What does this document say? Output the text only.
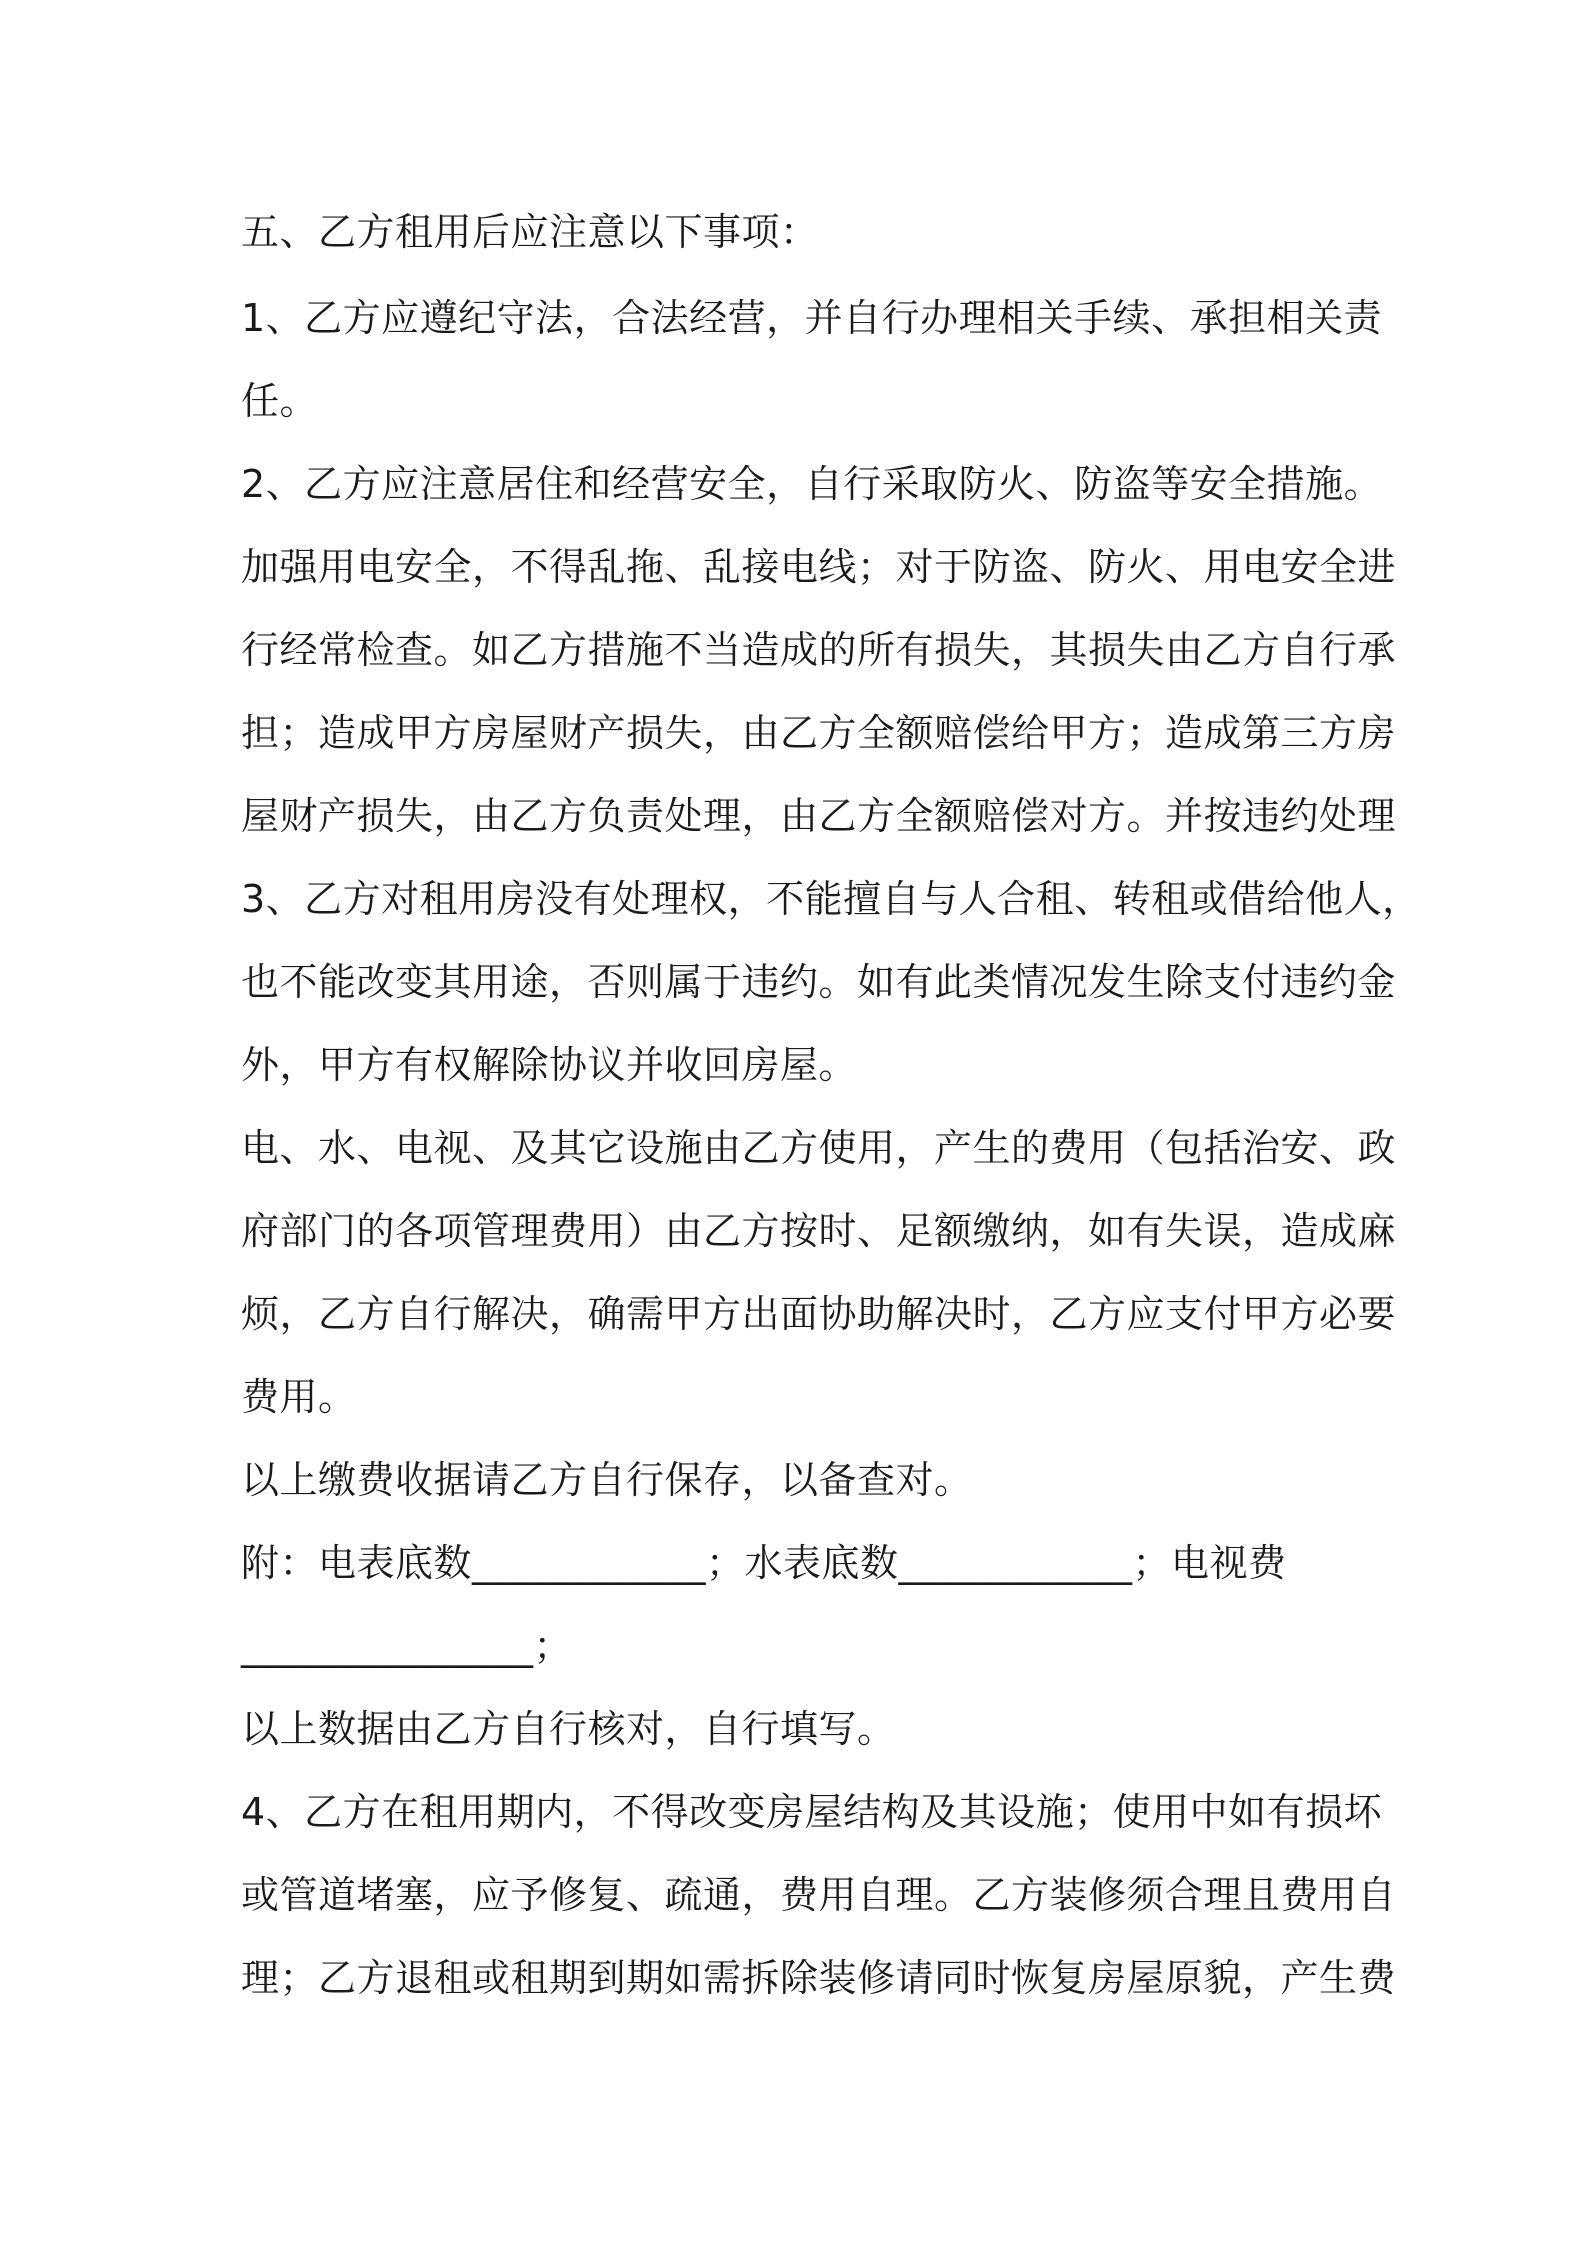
五、乙方租用后应注意以下事项：
1、乙方应遵纪守法，合法经营，并自行办理相关手续、承担相关责
任。
2、乙方应注意居住和经营安全，自行采取防火、防盗等安全措施。
加强用电安全，不得乱拖、乱接电线；对于防盗、防火、用电安全进
行经常检查。如乙方措施不当造成的所有损失，其损失由乙方自行承
担；造成甲方房屋财产损失，由乙方全额赔偿给甲方；造成第三方房
屋财产损失，由乙方负责处理，由乙方全额赔偿对方。并按违约处理
3、乙方对租用房没有处理权，不能擅自与人合租、转租或借给他人，
也不能改变其用途，否则属于违约。如有此类情况发生除支付违约金
外，甲方有权解除协议并收回房屋。
电、水、电视、及其它设施由乙方使用，产生的费用（包括治安、政
府部门的各项管理费用）由乙方按时、足额缴纳，如有失误，造成麻
烦，乙方自行解决，确需甲方出面协助解决时，乙方应支付甲方必要
费用。
以上缴费收据请乙方自行保存，以备查对。
附：电表底数____________；水表底数____________；电视费
_______________；
以上数据由乙方自行核对，自行填写。
4、乙方在租用期内，不得改变房屋结构及其设施；使用中如有损坏
或管道堵塞，应予修复、疏通，费用自理。乙方装修须合理且费用自
理；乙方退租或租期到期如需拆除装修请同时恢复房屋原貌，产生费
